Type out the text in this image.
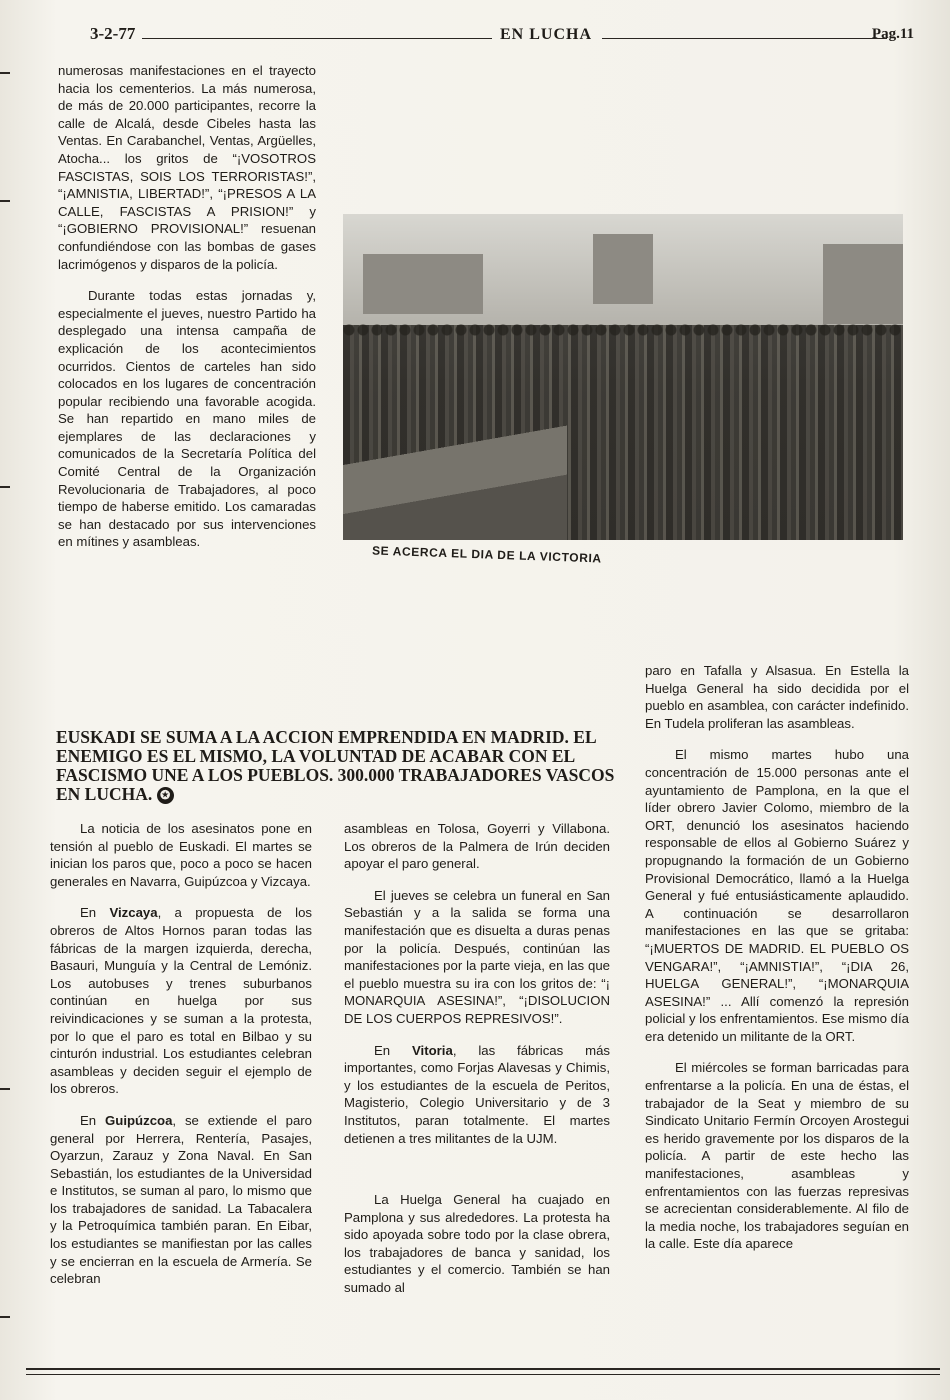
3-2-77	EN LUCHA	Pag.11

numerosas manifestaciones en el trayecto hacia los cementerios. La más numerosa, de más de 20.000 participantes, recorre la calle de Alcalá, desde Cibeles hasta las Ventas. En Carabanchel, Ventas, Argüelles, Atocha... los gritos de “¡VOSOTROS FASCISTAS, SOIS LOS TERRORISTAS!”, “¡AMNISTIA, LIBERTAD!”, “¡PRESOS A LA CALLE, FASCISTAS A PRISION!” y “¡GOBIERNO PROVISIONAL!” resuenan confundiéndose con las bombas de gases lacrimógenos y disparos de la policía.

Durante todas estas jornadas y, especialmente el jueves, nuestro Partido ha desplegado una intensa campaña de explicación de los acontecimientos ocurridos. Cientos de carteles han sido colocados en los lugares de concentración popular recibiendo una favorable acogida. Se han repartido en mano miles de ejemplares de las declaraciones y comunicados de la Secretaría Política del Comité Central de la Organización Revolucionaria de Trabajadores, al poco tiempo de haberse emitido. Los camaradas se han destacado por sus intervenciones en mítines y asambleas.

SE ACERCA EL DIA DE LA VICTORIA
EUSKADI SE SUMA A LA ACCION EMPRENDIDA EN MADRID. EL ENEMIGO ES EL MISMO, LA VOLUNTAD DE ACABAR CON EL FASCISMO UNE A LOS PUEBLOS. 300.000 TRABAJADORES VASCOS EN LUCHA. ✪

La noticia de los asesinatos pone en tensión al pueblo de Euskadi. El martes se inician los paros que, poco a poco se hacen generales en Navarra, Guipúzcoa y Vizcaya.

En Vizcaya, a propuesta de los obreros de Altos Hornos paran todas las fábricas de la margen izquierda, derecha, Basauri, Munguía y la Central de Lemóniz. Los autobuses y trenes suburbanos continúan en huelga por sus reivindicaciones y se suman a la protesta, por lo que el paro es total en Bilbao y su cinturón industrial. Los estudiantes celebran asambleas y deciden seguir el ejemplo de los obreros.

En Guipúzcoa, se extiende el paro general por Herrera, Rentería, Pasajes, Oyarzun, Zarauz y Zona Naval. En San Sebastián, los estudiantes de la Universidad e Institutos, se suman al paro, lo mismo que los trabajadores de sanidad. La Tabacalera y la Petroquímica también paran. En Eibar, los estudiantes se manifiestan por las calles y se encierran en la escuela de Armería. Se celebran

asambleas en Tolosa, Goyerri y Villabona. Los obreros de la Palmera de Irún deciden apoyar el paro general.

El jueves se celebra un funeral en San Sebastián y a la salida se forma una manifestación que es disuelta a duras penas por la policía. Después, continúan las manifestaciones por la parte vieja, en las que el pueblo muestra su ira con los gritos de: “¡ MONARQUIA ASESINA!”, “¡DISOLUCION DE LOS CUERPOS REPRESIVOS!”.

En Vitoria, las fábricas más importantes, como Forjas Alavesas y Chimis, y los estudiantes de la escuela de Peritos, Magisterio, Colegio Universitario y de 3 Institutos, paran totalmente. El martes detienen a tres militantes de la UJM.

La Huelga General ha cuajado en Pamplona y sus alrededores. La protesta ha sido apoyada sobre todo por la clase obrera, los trabajadores de banca y sanidad, los estudiantes y el comercio. También se han sumado al

paro en Tafalla y Alsasua. En Estella la Huelga General ha sido decidida por el pueblo en asamblea, con carácter indefinido. En Tudela proliferan las asambleas.

El mismo martes hubo una concentración de 15.000 personas ante el ayuntamiento de Pamplona, en la que el líder obrero Javier Colomo, miembro de la ORT, denunció los asesinatos haciendo responsable de ellos al Gobierno Suárez y propugnando la formación de un Gobierno Provisional Democrático, llamó a la Huelga General y fué entusiásticamente aplaudido. A continuación se desarrollaron manifestaciones en las que se gritaba: “¡MUERTOS DE MADRID. EL PUEBLO OS VENGARA!”, “¡AMNISTIA!”, “¡DIA 26, HUELGA GENERAL!”, “¡MONARQUIA ASESINA!” ... Allí comenzó la represión policial y los enfrentamientos. Ese mismo día era detenido un militante de la ORT.

El miércoles se forman barricadas para enfrentarse a la policía. En una de éstas, el trabajador de la Seat y miembro de su Sindicato Unitario Fermín Orcoyen Arostegui es herido gravemente por los disparos de la policía. A partir de este hecho las manifestaciones, asambleas y enfrentamientos con las fuerzas represivas se acrecientan considerablemente. Al filo de la media noche, los trabajadores seguían en la calle. Este día aparece
